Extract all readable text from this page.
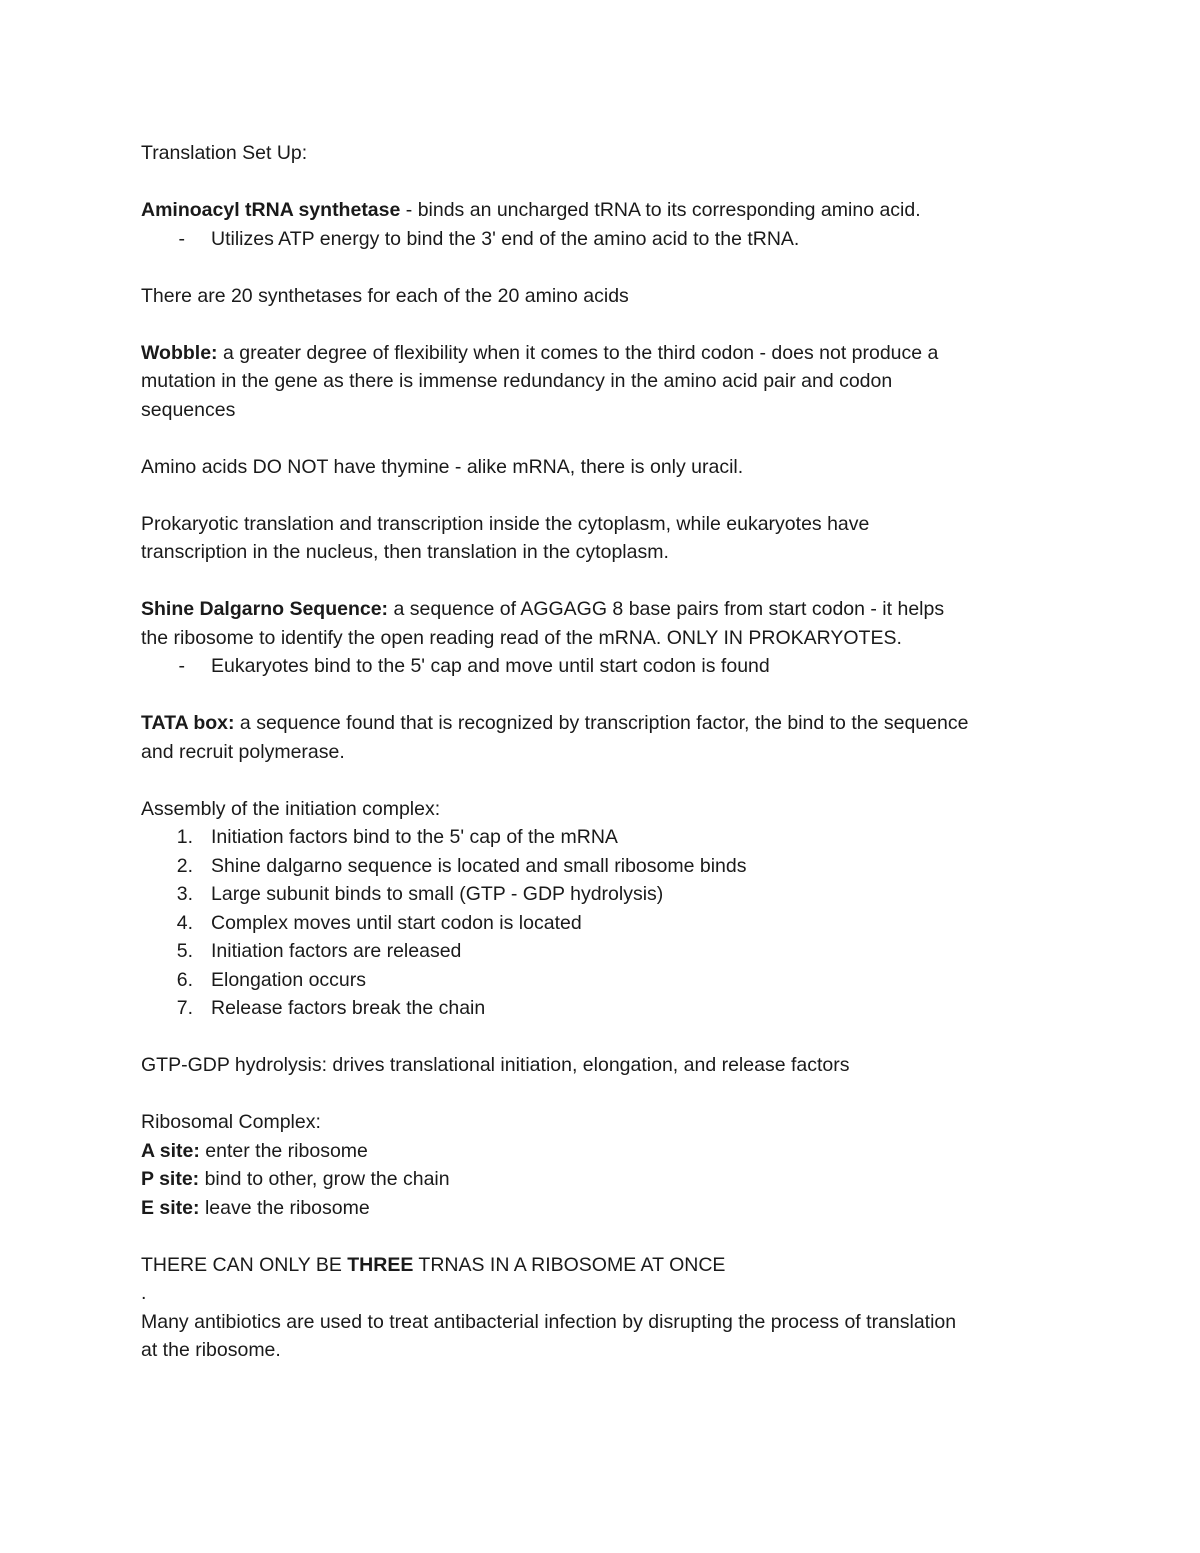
Translation Set Up:

Aminoacyl tRNA synthetase - binds an uncharged tRNA to its corresponding amino acid.

- Utilizes ATP energy to bind the 3' end of the amino acid to the tRNA.

There are 20 synthetases for each of the 20 amino acids

Wobble: a greater degree of flexibility when it comes to the third codon - does not produce a

mutation in the gene as there is immense redundancy in the amino acid pair and codon

sequences

Amino acids DO NOT have thymine - alike mRNA, there is only uracil.

Prokaryotic translation and transcription inside the cytoplasm, while eukaryotes have

transcription in the nucleus, then translation in the cytoplasm.

Shine Dalgarno Sequence: a sequence of AGGAGG 8 base pairs from start codon - it helps

the ribosome to identify the open reading read of the mRNA. ONLY IN PROKARYOTES.

- Eukaryotes bind to the 5' cap and move until start codon is found

TATA box: a sequence found that is recognized by transcription factor, the bind to the sequence

and recruit polymerase.

Assembly of the initiation complex:

1. Initiation factors bind to the 5' cap of the mRNA
2. Shine dalgarno sequence is located and small ribosome binds
3. Large subunit binds to small (GTP - GDP hydrolysis)
4. Complex moves until start codon is located
5. Initiation factors are released
6. Elongation occurs
7. Release factors break the chain

GTP-GDP hydrolysis: drives translational initiation, elongation, and release factors

Ribosomal Complex:

A site: enter the ribosome

P site: bind to other, grow the chain

E site: leave the ribosome

THERE CAN ONLY BE THREE TRNAS IN A RIBOSOME AT ONCE

.

Many antibiotics are used to treat antibacterial infection by disrupting the process of translation

at the ribosome.
